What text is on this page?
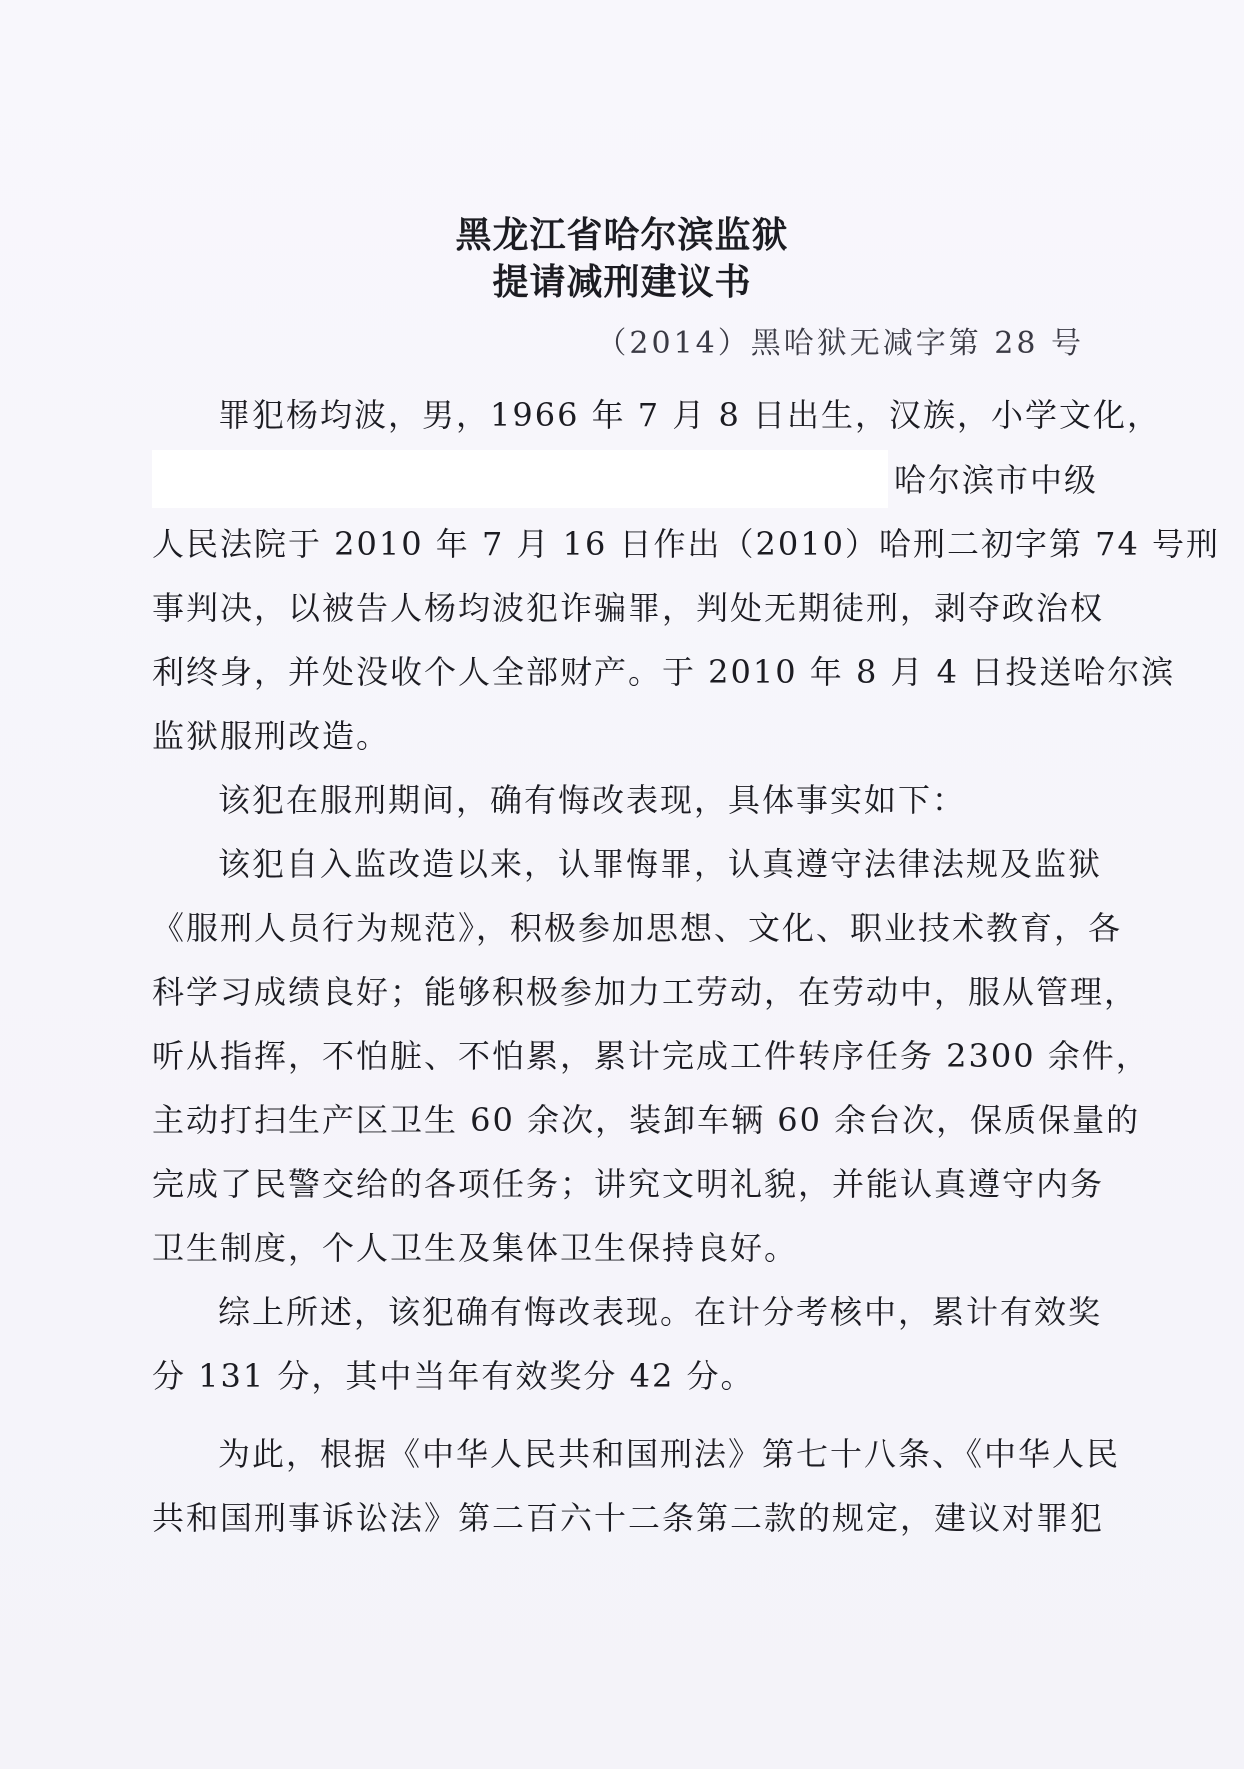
黑龙江省哈尔滨监狱
提请减刑建议书
（2014）黑哈狱无减字第 28 号
罪犯杨均波，男，1966 年 7 月 8 日出生，汉族，小学文化，
哈尔滨市中级
人民法院于 2010 年 7 月 16 日作出（2010）哈刑二初字第 74 号刑
事判决，以被告人杨均波犯诈骗罪，判处无期徒刑，剥夺政治权
利终身，并处没收个人全部财产。于 2010 年 8 月 4 日投送哈尔滨
监狱服刑改造。
该犯在服刑期间，确有悔改表现，具体事实如下：
该犯自入监改造以来，认罪悔罪，认真遵守法律法规及监狱
《服刑人员行为规范》，积极参加思想、文化、职业技术教育，各
科学习成绩良好；能够积极参加力工劳动，在劳动中，服从管理，
听从指挥，不怕脏、不怕累，累计完成工件转序任务 2300 余件，
主动打扫生产区卫生 60 余次，装卸车辆 60 余台次，保质保量的
完成了民警交给的各项任务；讲究文明礼貌，并能认真遵守内务
卫生制度，个人卫生及集体卫生保持良好。
综上所述，该犯确有悔改表现。在计分考核中，累计有效奖
分 131 分，其中当年有效奖分 42 分。
为此，根据《中华人民共和国刑法》第七十八条、《中华人民
共和国刑事诉讼法》第二百六十二条第二款的规定，建议对罪犯
